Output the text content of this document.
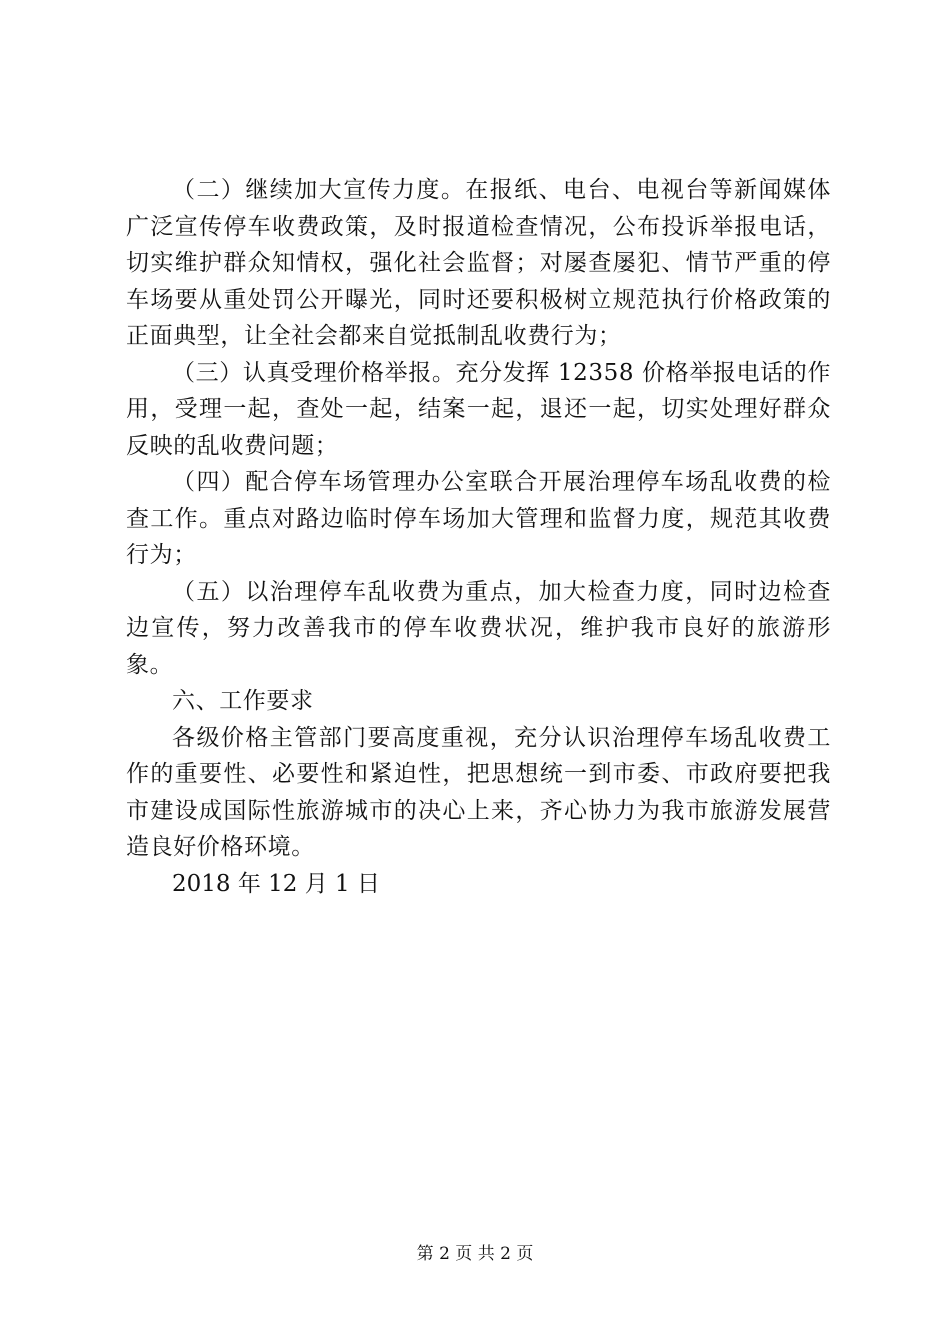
（二）继续加大宣传力度。在报纸、电台、电视台等新闻媒体广泛宣传停车收费政策，及时报道检查情况，公布投诉举报电话，切实维护群众知情权，强化社会监督；对屡查屡犯、情节严重的停车场要从重处罚公开曝光，同时还要积极树立规范执行价格政策的正面典型，让全社会都来自觉抵制乱收费行为；

（三）认真受理价格举报。充分发挥 12358 价格举报电话的作用，受理一起，查处一起，结案一起，退还一起，切实处理好群众反映的乱收费问题；

（四）配合停车场管理办公室联合开展治理停车场乱收费的检查工作。重点对路边临时停车场加大管理和监督力度，规范其收费行为；

（五）以治理停车乱收费为重点，加大检查力度，同时边检查边宣传，努力改善我市的停车收费状况，维护我市良好的旅游形象。

六、工作要求

各级价格主管部门要高度重视，充分认识治理停车场乱收费工作的重要性、必要性和紧迫性，把思想统一到市委、市政府要把我市建设成国际性旅游城市的决心上来，齐心协力为我市旅游发展营造良好价格环境。

2018 年 12 月 1 日

第 2 页 共 2 页
